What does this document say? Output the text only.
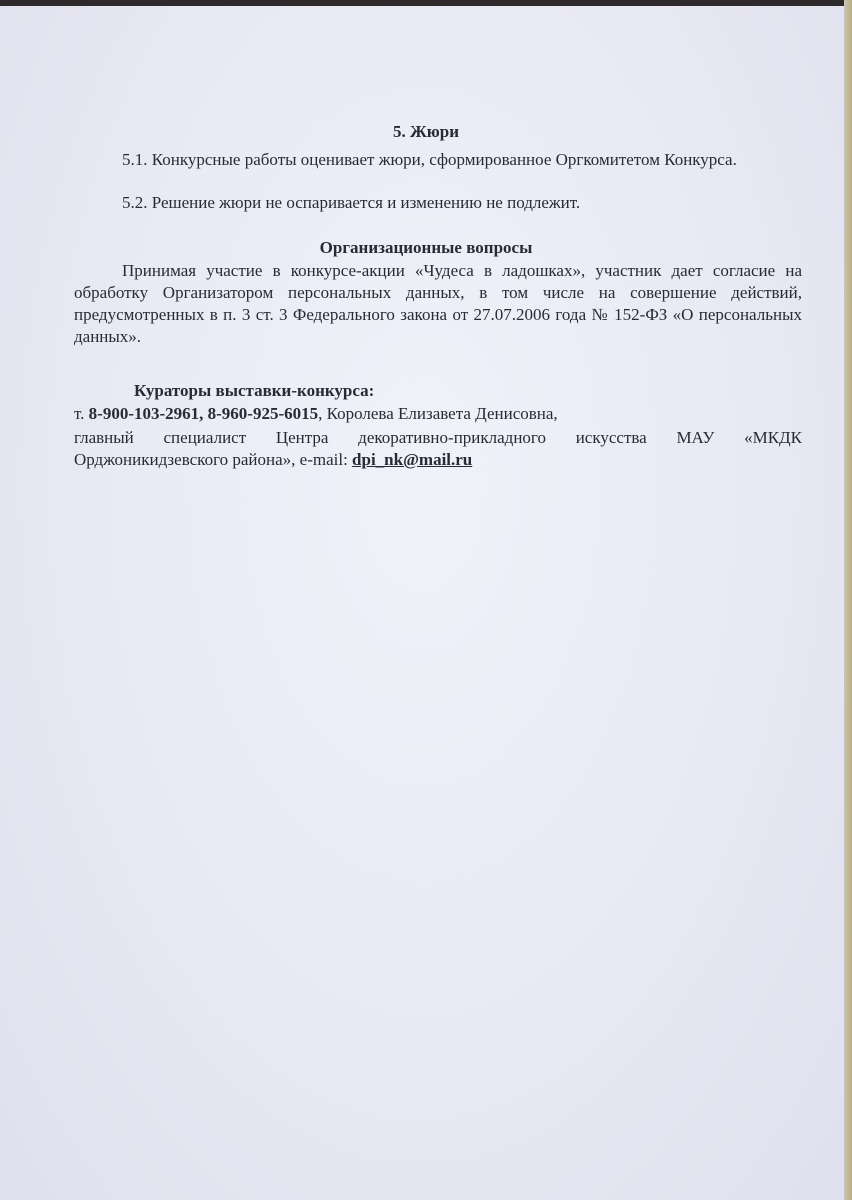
5. Жюри
5.1. Конкурсные работы оценивает жюри, сформированное Оргкомитетом Конкурса.
5.2. Решение жюри не оспаривается и изменению не подлежит.
Организационные вопросы
Принимая участие в конкурсе-акции «Чудеса в ладошках», участник дает согласие на обработку Организатором персональных данных, в том числе на совершение действий, предусмотренных в п. 3 ст. 3 Федерального закона от 27.07.2006 года № 152-ФЗ «О персональных данных».
Кураторы выставки-конкурса:
т. 8-900-103-2961, 8-960-925-6015, Королева Елизавета Денисовна,
главный специалист Центра декоративно-прикладного искусства МАУ «МКДК Орджоникидзевского района», e-mail: dpi_nk@mail.ru
